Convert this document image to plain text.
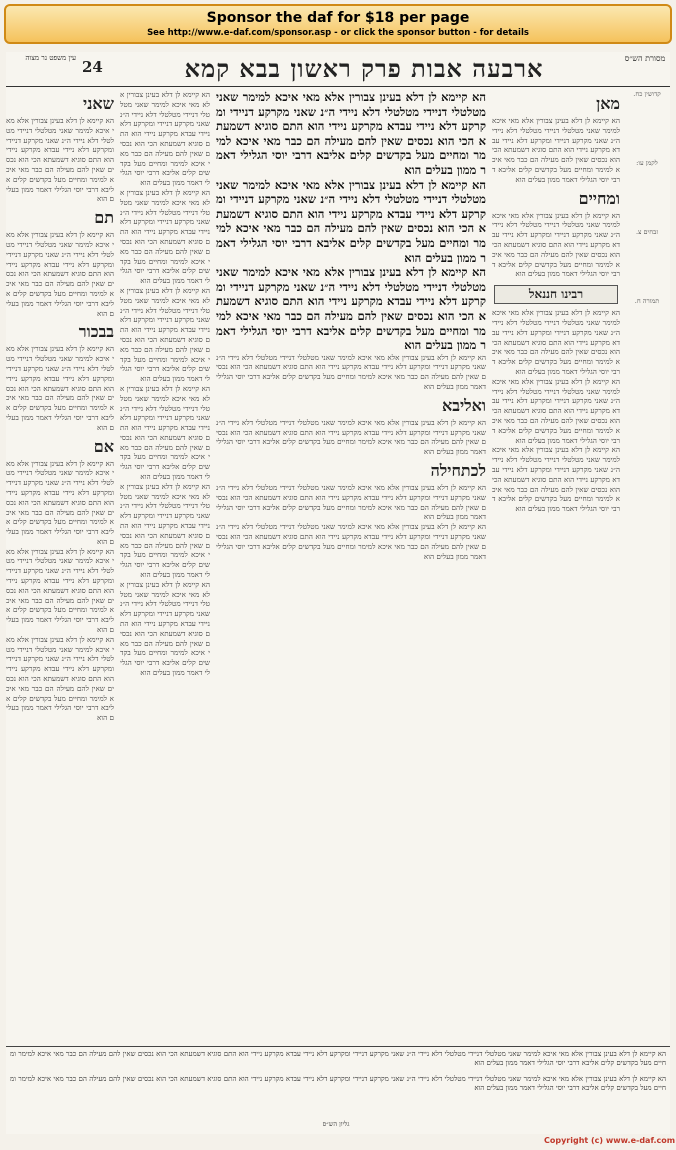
Sponsor the daf for $18 per page
See http://www.e-daf.com/sponsor.asp - or click the sponsor button - for details
עין משפט נר מצוה 24	ארבעה אבות פרק ראשון בבא קמא	מסורת הש״ס
שאני
הא קיימא לן דלא בעינן צבורין אלא מאי איכא למימר שאני מטלטלי דניידי מטלטלי דלא ניידי ה״נ שאני מקרקע דניידי ומקרקע דלא ניידי עבדא מקרקע ניידי הוא התם סוגיא דשמעתא הכי הוא נכסים שאין להם מעילה הם כבר מאי איכא למימר ומחיים מעל בקדשים קלים אליבא דרבי יוסי הגלילי דאמר ממון בעלים הוא
תם
הא קיימא לן דלא בעינן צבורין אלא מאי איכא למימר שאני מטלטלי דניידי מטלטלי דלא ניידי ה״נ שאני מקרקע דניידי ומקרקע דלא ניידי עבדא מקרקע ניידי הוא התם סוגיא דשמעתא הכי הוא נכסים שאין להם מעילה הם כבר מאי איכא למימר ומחיים מעל בקדשים קלים אליבא דרבי יוסי הגלילי דאמר ממון בעלים הוא
בבכור
הא קיימא לן דלא בעינן צבורין אלא מאי איכא למימר שאני מטלטלי דניידי מטלטלי דלא ניידי ה״נ שאני מקרקע דניידי ומקרקע דלא ניידי עבדא מקרקע ניידי הוא התם סוגיא דשמעתא הכי הוא נכסים שאין להם מעילה הם כבר מאי איכא למימר ומחיים מעל בקדשים קלים אליבא דרבי יוסי הגלילי דאמר ממון בעלים הוא
אם
הא קיימא לן דלא בעינן צבורין אלא מאי איכא למימר שאני מטלטלי דניידי מטלטלי דלא ניידי ה״נ שאני מקרקע דניידי ומקרקע דלא ניידי עבדא מקרקע ניידי הוא התם סוגיא דשמעתא הכי הוא נכסים שאין להם מעילה הם כבר מאי איכא למימר ומחיים מעל בקדשים קלים אליבא דרבי יוסי הגלילי דאמר ממון בעלים הוא
הא קיימא לן דלא בעינן צבורין אלא מאי איכא למימר שאני מטלטלי דניידי מטלטלי דלא ניידי ה״נ שאני מקרקע דניידי ומקרקע דלא ניידי עבדא מקרקע ניידי הוא התם סוגיא דשמעתא הכי הוא נכסים שאין להם מעילה הם כבר מאי איכא למימר ומחיים מעל בקדשים קלים אליבא דרבי יוסי הגלילי דאמר ממון בעלים הוא
הא קיימא לן דלא בעינן צבורין אלא מאי איכא למימר שאני מטלטלי דניידי מטלטלי דלא ניידי ה״נ שאני מקרקע דניידי ומקרקע דלא ניידי עבדא מקרקע ניידי הוא התם סוגיא דשמעתא הכי הוא נכסים שאין להם מעילה הם כבר מאי איכא למימר ומחיים מעל בקדשים קלים אליבא דרבי יוסי הגלילי דאמר ממון בעלים הוא
הא קיימא לן דלא בעינן צבורין אלא מאי איכא למימר שאני מטלטלי דניידי מטלטלי דלא ניידי ה״נ שאני מקרקע דניידי ומקרקע דלא ניידי עבדא מקרקע ניידי הוא התם סוגיא דשמעתא הכי הוא נכסים שאין להם מעילה הם כבר מאי איכא למימר ומחיים מעל בקדשים קלים אליבא דרבי יוסי הגלילי דאמר ממון בעלים הוא
הא קיימא לן דלא בעינן צבורין אלא מאי איכא למימר שאני מטלטלי דניידי מטלטלי דלא ניידי ה״נ שאני מקרקע דניידי ומקרקע דלא ניידי עבדא מקרקע ניידי הוא התם סוגיא דשמעתא הכי הוא נכסים שאין להם מעילה הם כבר מאי איכא למימר ומחיים מעל בקדשים קלים אליבא דרבי יוסי הגלילי דאמר ממון בעלים הוא
הא קיימא לן דלא בעינן צבורין אלא מאי איכא למימר שאני מטלטלי דניידי מטלטלי דלא ניידי ה״נ שאני מקרקע דניידי ומקרקע דלא ניידי עבדא מקרקע ניידי הוא התם סוגיא דשמעתא הכי הוא נכסים שאין להם מעילה הם כבר מאי איכא למימר ומחיים מעל בקדשים קלים אליבא דרבי יוסי הגלילי דאמר ממון בעלים הוא
הא קיימא לן דלא בעינן צבורין אלא מאי איכא למימר שאני מטלטלי דניידי מטלטלי דלא ניידי ה״נ שאני מקרקע דניידי ומקרקע דלא ניידי עבדא מקרקע ניידי הוא התם סוגיא דשמעתא הכי הוא נכסים שאין להם מעילה הם כבר מאי איכא למימר ומחיים מעל בקדשים קלים אליבא דרבי יוסי הגלילי דאמר ממון בעלים הוא
הא קיימא לן דלא בעינן צבורין אלא מאי איכא למימר שאני מטלטלי דניידי מטלטלי דלא ניידי ה״נ שאני מקרקע דניידי ומקרקע דלא ניידי עבדא מקרקע ניידי הוא התם סוגיא דשמעתא הכי הוא נכסים שאין להם מעילה הם כבר מאי איכא למימר ומחיים מעל בקדשים קלים אליבא דרבי יוסי הגלילי דאמר ממון בעלים הוא
הא קיימא לן דלא בעינן צבורין אלא מאי איכא למימר שאני מטלטלי דניידי מטלטלי דלא ניידי ה״נ שאני מקרקע דניידי ומקרקע דלא ניידי עבדא מקרקע ניידי הוא התם סוגיא דשמעתא הכי הוא נכסים שאין להם מעילה הם כבר מאי איכא למימר ומחיים מעל בקדשים קלים אליבא דרבי יוסי הגלילי דאמר ממון בעלים הוא
הא קיימא לן דלא בעינן צבורין אלא מאי איכא למימר שאני מטלטלי דניידי מטלטלי דלא ניידי ה״נ שאני מקרקע דניידי ומקרקע דלא ניידי עבדא מקרקע ניידי הוא התם סוגיא דשמעתא הכי הוא נכסים שאין להם מעילה הם כבר מאי איכא למימר ומחיים מעל בקדשים קלים אליבא דרבי יוסי הגלילי דאמר ממון בעלים הוא
הא קיימא לן דלא בעינן צבורין אלא מאי איכא למימר שאני מטלטלי דניידי מטלטלי דלא ניידי ה״נ שאני מקרקע דניידי ומקרקע דלא ניידי עבדא מקרקע ניידי הוא התם סוגיא דשמעתא הכי הוא נכסים שאין להם מעילה הם כבר מאי איכא למימר ומחיים מעל בקדשים קלים אליבא דרבי יוסי הגלילי דאמר ממון בעלים הוא
הא קיימא לן דלא בעינן צבורין אלא מאי איכא למימר שאני מטלטלי דניידי מטלטלי דלא ניידי ה״נ שאני מקרקע דניידי ומקרקע דלא ניידי עבדא מקרקע ניידי הוא התם סוגיא דשמעתא הכי הוא נכסים שאין להם מעילה הם כבר מאי איכא למימר ומחיים מעל בקדשים קלים אליבא דרבי יוסי הגלילי דאמר ממון בעלים הוא
הא קיימא לן דלא בעינן צבורין אלא מאי איכא למימר שאני מטלטלי דניידי מטלטלי דלא ניידי ה״נ שאני מקרקע דניידי ומקרקע דלא ניידי עבדא מקרקע ניידי הוא התם סוגיא דשמעתא הכי הוא נכסים שאין להם מעילה הם כבר מאי איכא למימר ומחיים מעל בקדשים קלים אליבא דרבי יוסי הגלילי דאמר ממון בעלים הוא
ואליבא
הא קיימא לן דלא בעינן צבורין אלא מאי איכא למימר שאני מטלטלי דניידי מטלטלי דלא ניידי ה״נ שאני מקרקע דניידי ומקרקע דלא ניידי עבדא מקרקע ניידי הוא התם סוגיא דשמעתא הכי הוא נכסים שאין להם מעילה הם כבר מאי איכא למימר ומחיים מעל בקדשים קלים אליבא דרבי יוסי הגלילי דאמר ממון בעלים הוא
לכתחילה
הא קיימא לן דלא בעינן צבורין אלא מאי איכא למימר שאני מטלטלי דניידי מטלטלי דלא ניידי ה״נ שאני מקרקע דניידי ומקרקע דלא ניידי עבדא מקרקע ניידי הוא התם סוגיא דשמעתא הכי הוא נכסים שאין להם מעילה הם כבר מאי איכא למימר ומחיים מעל בקדשים קלים אליבא דרבי יוסי הגלילי דאמר ממון בעלים הוא
הא קיימא לן דלא בעינן צבורין אלא מאי איכא למימר שאני מטלטלי דניידי מטלטלי דלא ניידי ה״נ שאני מקרקע דניידי ומקרקע דלא ניידי עבדא מקרקע ניידי הוא התם סוגיא דשמעתא הכי הוא נכסים שאין להם מעילה הם כבר מאי איכא למימר ומחיים מעל בקדשים קלים אליבא דרבי יוסי הגלילי דאמר ממון בעלים הוא
מאן
הא קיימא לן דלא בעינן צבורין אלא מאי איכא למימר שאני מטלטלי דניידי מטלטלי דלא ניידי ה״נ שאני מקרקע דניידי ומקרקע דלא ניידי עבדא מקרקע ניידי הוא התם סוגיא דשמעתא הכי הוא נכסים שאין להם מעילה הם כבר מאי איכא למימר ומחיים מעל בקדשים קלים אליבא דרבי יוסי הגלילי דאמר ממון בעלים הוא
ומחיים
הא קיימא לן דלא בעינן צבורין אלא מאי איכא למימר שאני מטלטלי דניידי מטלטלי דלא ניידי ה״נ שאני מקרקע דניידי ומקרקע דלא ניידי עבדא מקרקע ניידי הוא התם סוגיא דשמעתא הכי הוא נכסים שאין להם מעילה הם כבר מאי איכא למימר ומחיים מעל בקדשים קלים אליבא דרבי יוסי הגלילי דאמר ממון בעלים הוא
רבינו חננאל
הא קיימא לן דלא בעינן צבורין אלא מאי איכא למימר שאני מטלטלי דניידי מטלטלי דלא ניידי ה״נ שאני מקרקע דניידי ומקרקע דלא ניידי עבדא מקרקע ניידי הוא התם סוגיא דשמעתא הכי הוא נכסים שאין להם מעילה הם כבר מאי איכא למימר ומחיים מעל בקדשים קלים אליבא דרבי יוסי הגלילי דאמר ממון בעלים הוא
הא קיימא לן דלא בעינן צבורין אלא מאי איכא למימר שאני מטלטלי דניידי מטלטלי דלא ניידי ה״נ שאני מקרקע דניידי ומקרקע דלא ניידי עבדא מקרקע ניידי הוא התם סוגיא דשמעתא הכי הוא נכסים שאין להם מעילה הם כבר מאי איכא למימר ומחיים מעל בקדשים קלים אליבא דרבי יוסי הגלילי דאמר ממון בעלים הוא
הא קיימא לן דלא בעינן צבורין אלא מאי איכא למימר שאני מטלטלי דניידי מטלטלי דלא ניידי ה״נ שאני מקרקע דניידי ומקרקע דלא ניידי עבדא מקרקע ניידי הוא התם סוגיא דשמעתא הכי הוא נכסים שאין להם מעילה הם כבר מאי איכא למימר ומחיים מעל בקדשים קלים אליבא דרבי יוסי הגלילי דאמר ממון בעלים הוא
קדושין כח.
לקמן עו:
זבחים צ.
תמורה ח.
הא קיימא לן דלא בעינן צבורין אלא מאי איכא למימר שאני מטלטלי דניידי מטלטלי דלא ניידי ה״נ שאני מקרקע דניידי ומקרקע דלא ניידי עבדא מקרקע ניידי הוא התם סוגיא דשמעתא הכי הוא נכסים שאין להם מעילה הם כבר מאי איכא למימר ומחיים מעל בקדשים קלים אליבא דרבי יוסי הגלילי דאמר ממון בעלים הוא
הא קיימא לן דלא בעינן צבורין אלא מאי איכא למימר שאני מטלטלי דניידי מטלטלי דלא ניידי ה״נ שאני מקרקע דניידי ומקרקע דלא ניידי עבדא מקרקע ניידי הוא התם סוגיא דשמעתא הכי הוא נכסים שאין להם מעילה הם כבר מאי איכא למימר ומחיים מעל בקדשים קלים אליבא דרבי יוסי הגלילי דאמר ממון בעלים הוא
גליון הש״ס
Copyright (c) www.e-daf.com
